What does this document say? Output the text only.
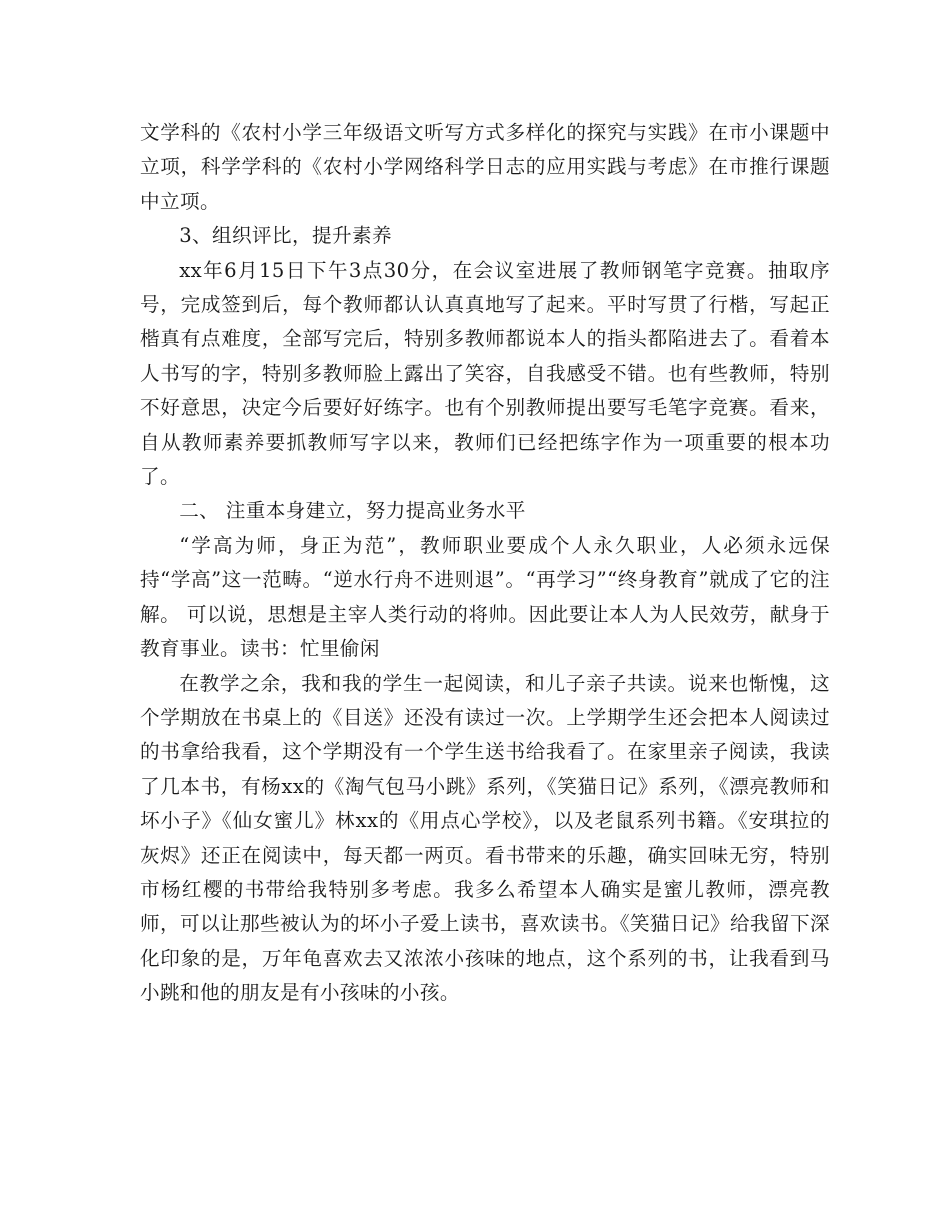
文学科的《农村小学三年级语文听写方式多样化的探究与实践》在市小课题中立项，科学学科的《农村小学网络科学日志的应用实践与考虑》在市推行课题中立项。

3、组织评比，提升素养

xx年6月15日下午3点30分，在会议室进展了教师钢笔字竞赛。抽取序号，完成签到后，每个教师都认认真真地写了起来。平时写贯了行楷，写起正楷真有点难度，全部写完后，特别多教师都说本人的指头都陷进去了。看着本人书写的字，特别多教师脸上露出了笑容，自我感受不错。也有些教师，特别不好意思，决定今后要好好练字。也有个别教师提出要写毛笔字竞赛。看来，自从教师素养要抓教师写字以来，教师们已经把练字作为一项重要的根本功了。

二、 注重本身建立，努力提高业务水平

“学高为师，身正为范”，教师职业要成个人永久职业，人必须永远保持“学高”这一范畴。“逆水行舟不进则退”。“再学习”“终身教育”就成了它的注解。 可以说，思想是主宰人类行动的将帅。因此要让本人为人民效劳，献身于教育事业。读书：忙里偷闲

在教学之余，我和我的学生一起阅读，和儿子亲子共读。说来也惭愧，这个学期放在书桌上的《目送》还没有读过一次。上学期学生还会把本人阅读过的书拿给我看，这个学期没有一个学生送书给我看了。在家里亲子阅读，我读了几本书，有杨xx的《淘气包马小跳》系列，《笑猫日记》系列，《漂亮教师和坏小子》《仙女蜜儿》林xx的《用点心学校》，以及老鼠系列书籍。《安琪拉的灰烬》还正在阅读中，每天都一两页。看书带来的乐趣，确实回味无穷，特别市杨红樱的书带给我特别多考虑。我多么希望本人确实是蜜儿教师，漂亮教师，可以让那些被认为的坏小子爱上读书，喜欢读书。《笑猫日记》给我留下深化印象的是，万年龟喜欢去又浓浓小孩味的地点，这个系列的书，让我看到马小跳和他的朋友是有小孩味的小孩。
